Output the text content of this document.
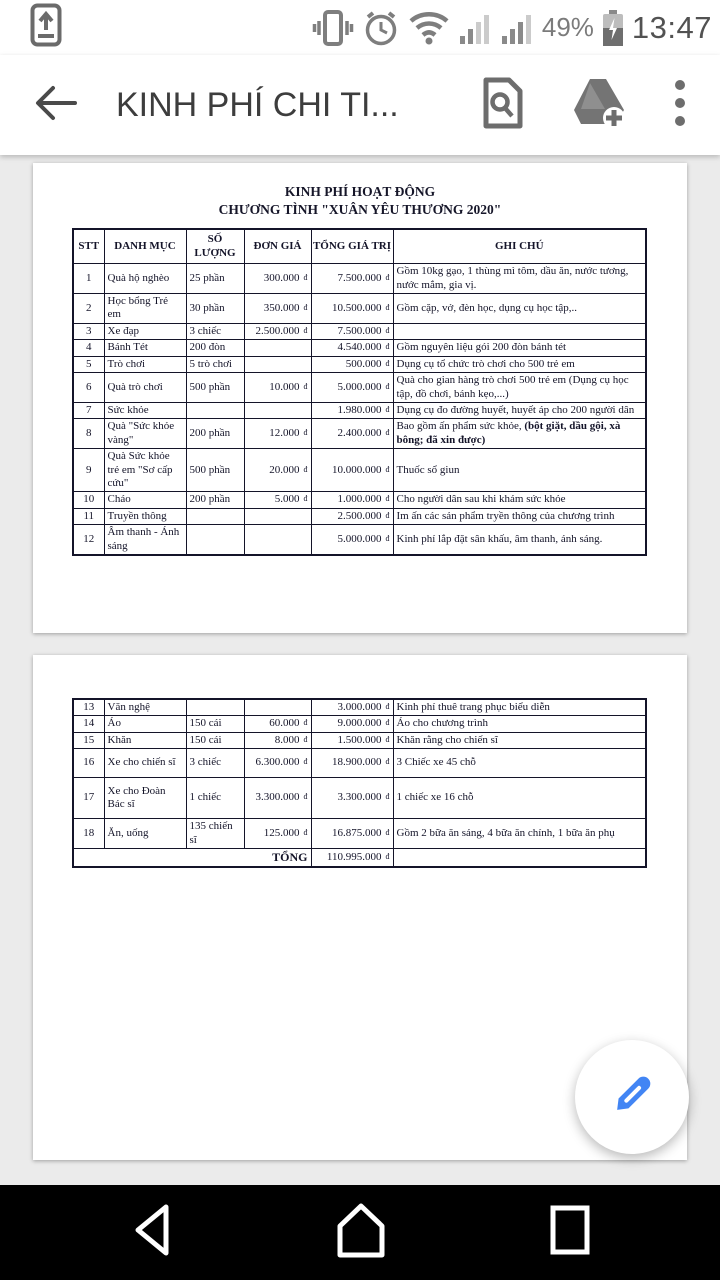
49% 13:47
KINH PHÍ CHI TI...
KINH PHÍ HOẠT ĐỘNG
CHƯƠNG TÌNH "XUÂN YÊU THƯƠNG 2020"
STT	DANH MỤC	SỐ LƯỢNG	ĐƠN GIÁ	TỔNG GIÁ TRỊ	GHI CHÚ
1	Quà hộ nghèo	25 phần	300.000 đ	7.500.000 đ	Gồm 10kg gạo, 1 thùng mì tôm, dầu ăn, nước tương, nước mắm, gia vị.
2	Học bổng Trẻ em	30 phần	350.000 đ	10.500.000 đ	Gồm cặp, vở, đèn học, dụng cụ học tập,..
3	Xe đạp	3 chiếc	2.500.000 đ	7.500.000 đ	
4	Bánh Tét	200 đòn		4.540.000 đ	Gồm nguyên liệu gói 200 đòn bánh tét
5	Trò chơi	5 trò chơi		500.000 đ	Dụng cụ tổ chức trò chơi cho 500 trẻ em
6	Quà trò chơi	500 phần	10.000 đ	5.000.000 đ	Quà cho gian hàng trò chơi 500 trẻ em (Dụng cụ học tập, đồ chơi, bánh kẹo,...)
7	Sức khỏe			1.980.000 đ	Dụng cụ đo đường huyết, huyết áp cho 200 người dân
8	Quà "Sức khỏe vàng"	200 phần	12.000 đ	2.400.000 đ	Bao gồm ấn phẩm sức khỏe, (bột giặt, dầu gội, xà bông; đã xin được)
9	Quà Sức khỏe trẻ em "Sơ cấp cứu"	500 phần	20.000 đ	10.000.000 đ	Thuốc sổ giun
10	Cháo	200 phần	5.000 đ	1.000.000 đ	Cho người dân sau khi khám sức khỏe
11	Truyền thông			2.500.000 đ	Im ấn các sản phẩm tryền thông của chương trình
12	Âm thanh - Ánh sáng			5.000.000 đ	Kinh phí lắp đặt sân khấu, âm thanh, ánh sáng.
13	Văn nghệ			3.000.000 đ	Kinh phí thuê trang phục biểu diễn
14	Áo	150 cái	60.000 đ	9.000.000 đ	Áo cho chương trình
15	Khăn	150 cái	8.000 đ	1.500.000 đ	Khăn rằng cho chiến sĩ
16	Xe cho chiến sĩ	3 chiếc	6.300.000 đ	18.900.000 đ	3 Chiếc xe 45 chỗ
17	Xe cho Đoàn Bác sĩ	1 chiếc	3.300.000 đ	3.300.000 đ	1 chiếc xe 16 chỗ
18	Ăn, uống	135 chiến sĩ	125.000 đ	16.875.000 đ	Gồm 2 bữa ăn sáng, 4 bữa ăn chính, 1 bữa ăn phụ
TỔNG				110.995.000 đ	
